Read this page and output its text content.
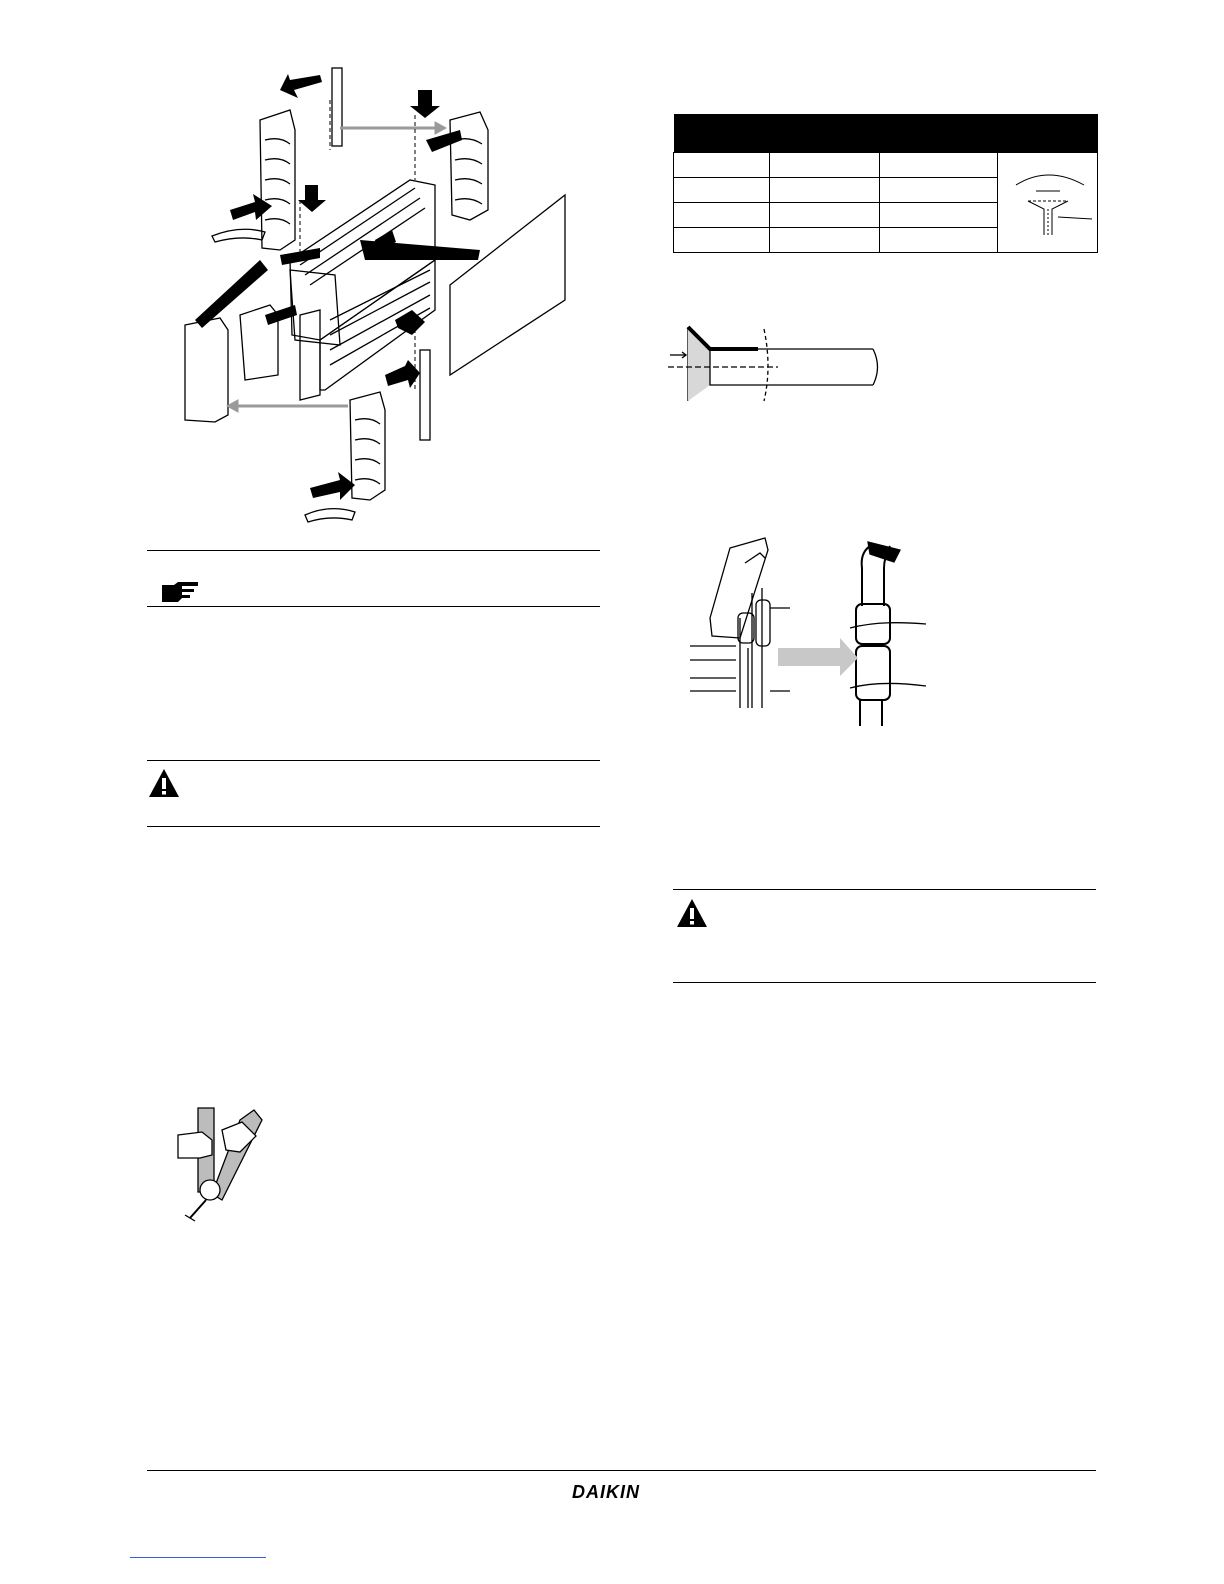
DAIKIN
